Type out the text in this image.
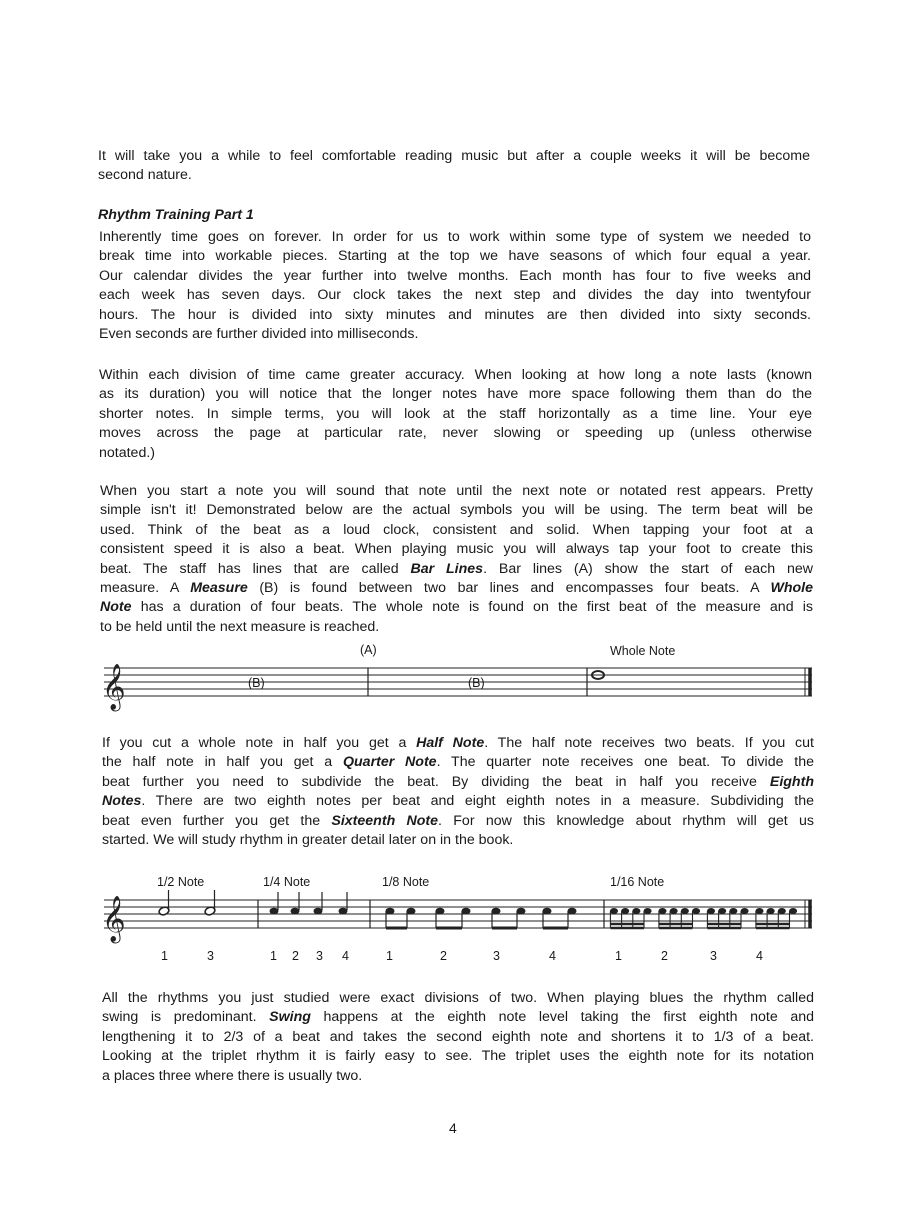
It will take you a while to feel comfortable reading music but after a couple weeks it will be become
second nature.
Rhythm Training Part 1
Inherently time goes on forever. In order for us to work within some type of system we needed to
break time into workable pieces. Starting at the top we have seasons of which four equal a year.
Our calendar divides the year further into twelve months. Each month has four to five weeks and
each week has seven days. Our clock takes the next step and divides the day into twentyfour
hours. The hour is divided into sixty minutes and minutes are then divided into sixty seconds.
Even seconds are further divided into milliseconds.
Within each division of time came greater accuracy. When looking at how long a note lasts (known
as its duration) you will notice that the longer notes have more space following them than do the
shorter notes. In simple terms, you will look at the staff horizontally as a time line. Your eye
moves across the page at particular rate, never slowing or speeding up (unless otherwise
notated.)
When you start a note you will sound that note until the next note or notated rest appears. Pretty
simple isn't it! Demonstrated below are the actual symbols you will be using. The term beat will be
used. Think of the beat as a loud clock, consistent and solid. When tapping your foot at a
consistent speed it is also a beat. When playing music you will always tap your foot to create this
beat. The staff has lines that are called Bar Lines. Bar lines (A) show the start of each new
measure. A Measure (B) is found between two bar lines and encompasses four beats. A Whole
Note has a duration of four beats. The whole note is found on the first beat of the measure and is
to be held until the next measure is reached.
(A)	Whole Note
𝄞	(B)	(B)
If you cut a whole note in half you get a Half Note. The half note receives two beats. If you cut
the half note in half you get a Quarter Note. The quarter note receives one beat. To divide the
beat further you need to subdivide the beat. By dividing the beat in half you receive Eighth
Notes. There are two eighth notes per beat and eight eighth notes in a measure. Subdividing the
beat even further you get the Sixteenth Note. For now this knowledge about rhythm will get us
started. We will study rhythm in greater detail later on in the book.
1/2 Note	1/4 Note	1/8 Note	1/16 Note
𝄞
1	3	1 2 3 4	1	2	3	4	1	2	3	4
All the rhythms you just studied were exact divisions of two. When playing blues the rhythm called
swing is predominant. Swing happens at the eighth note level taking the first eighth note and
lengthening it to 2/3 of a beat and takes the second eighth note and shortens it to 1/3 of a beat.
Looking at the triplet rhythm it is fairly easy to see. The triplet uses the eighth note for its notation
a places three where there is usually two.
4
